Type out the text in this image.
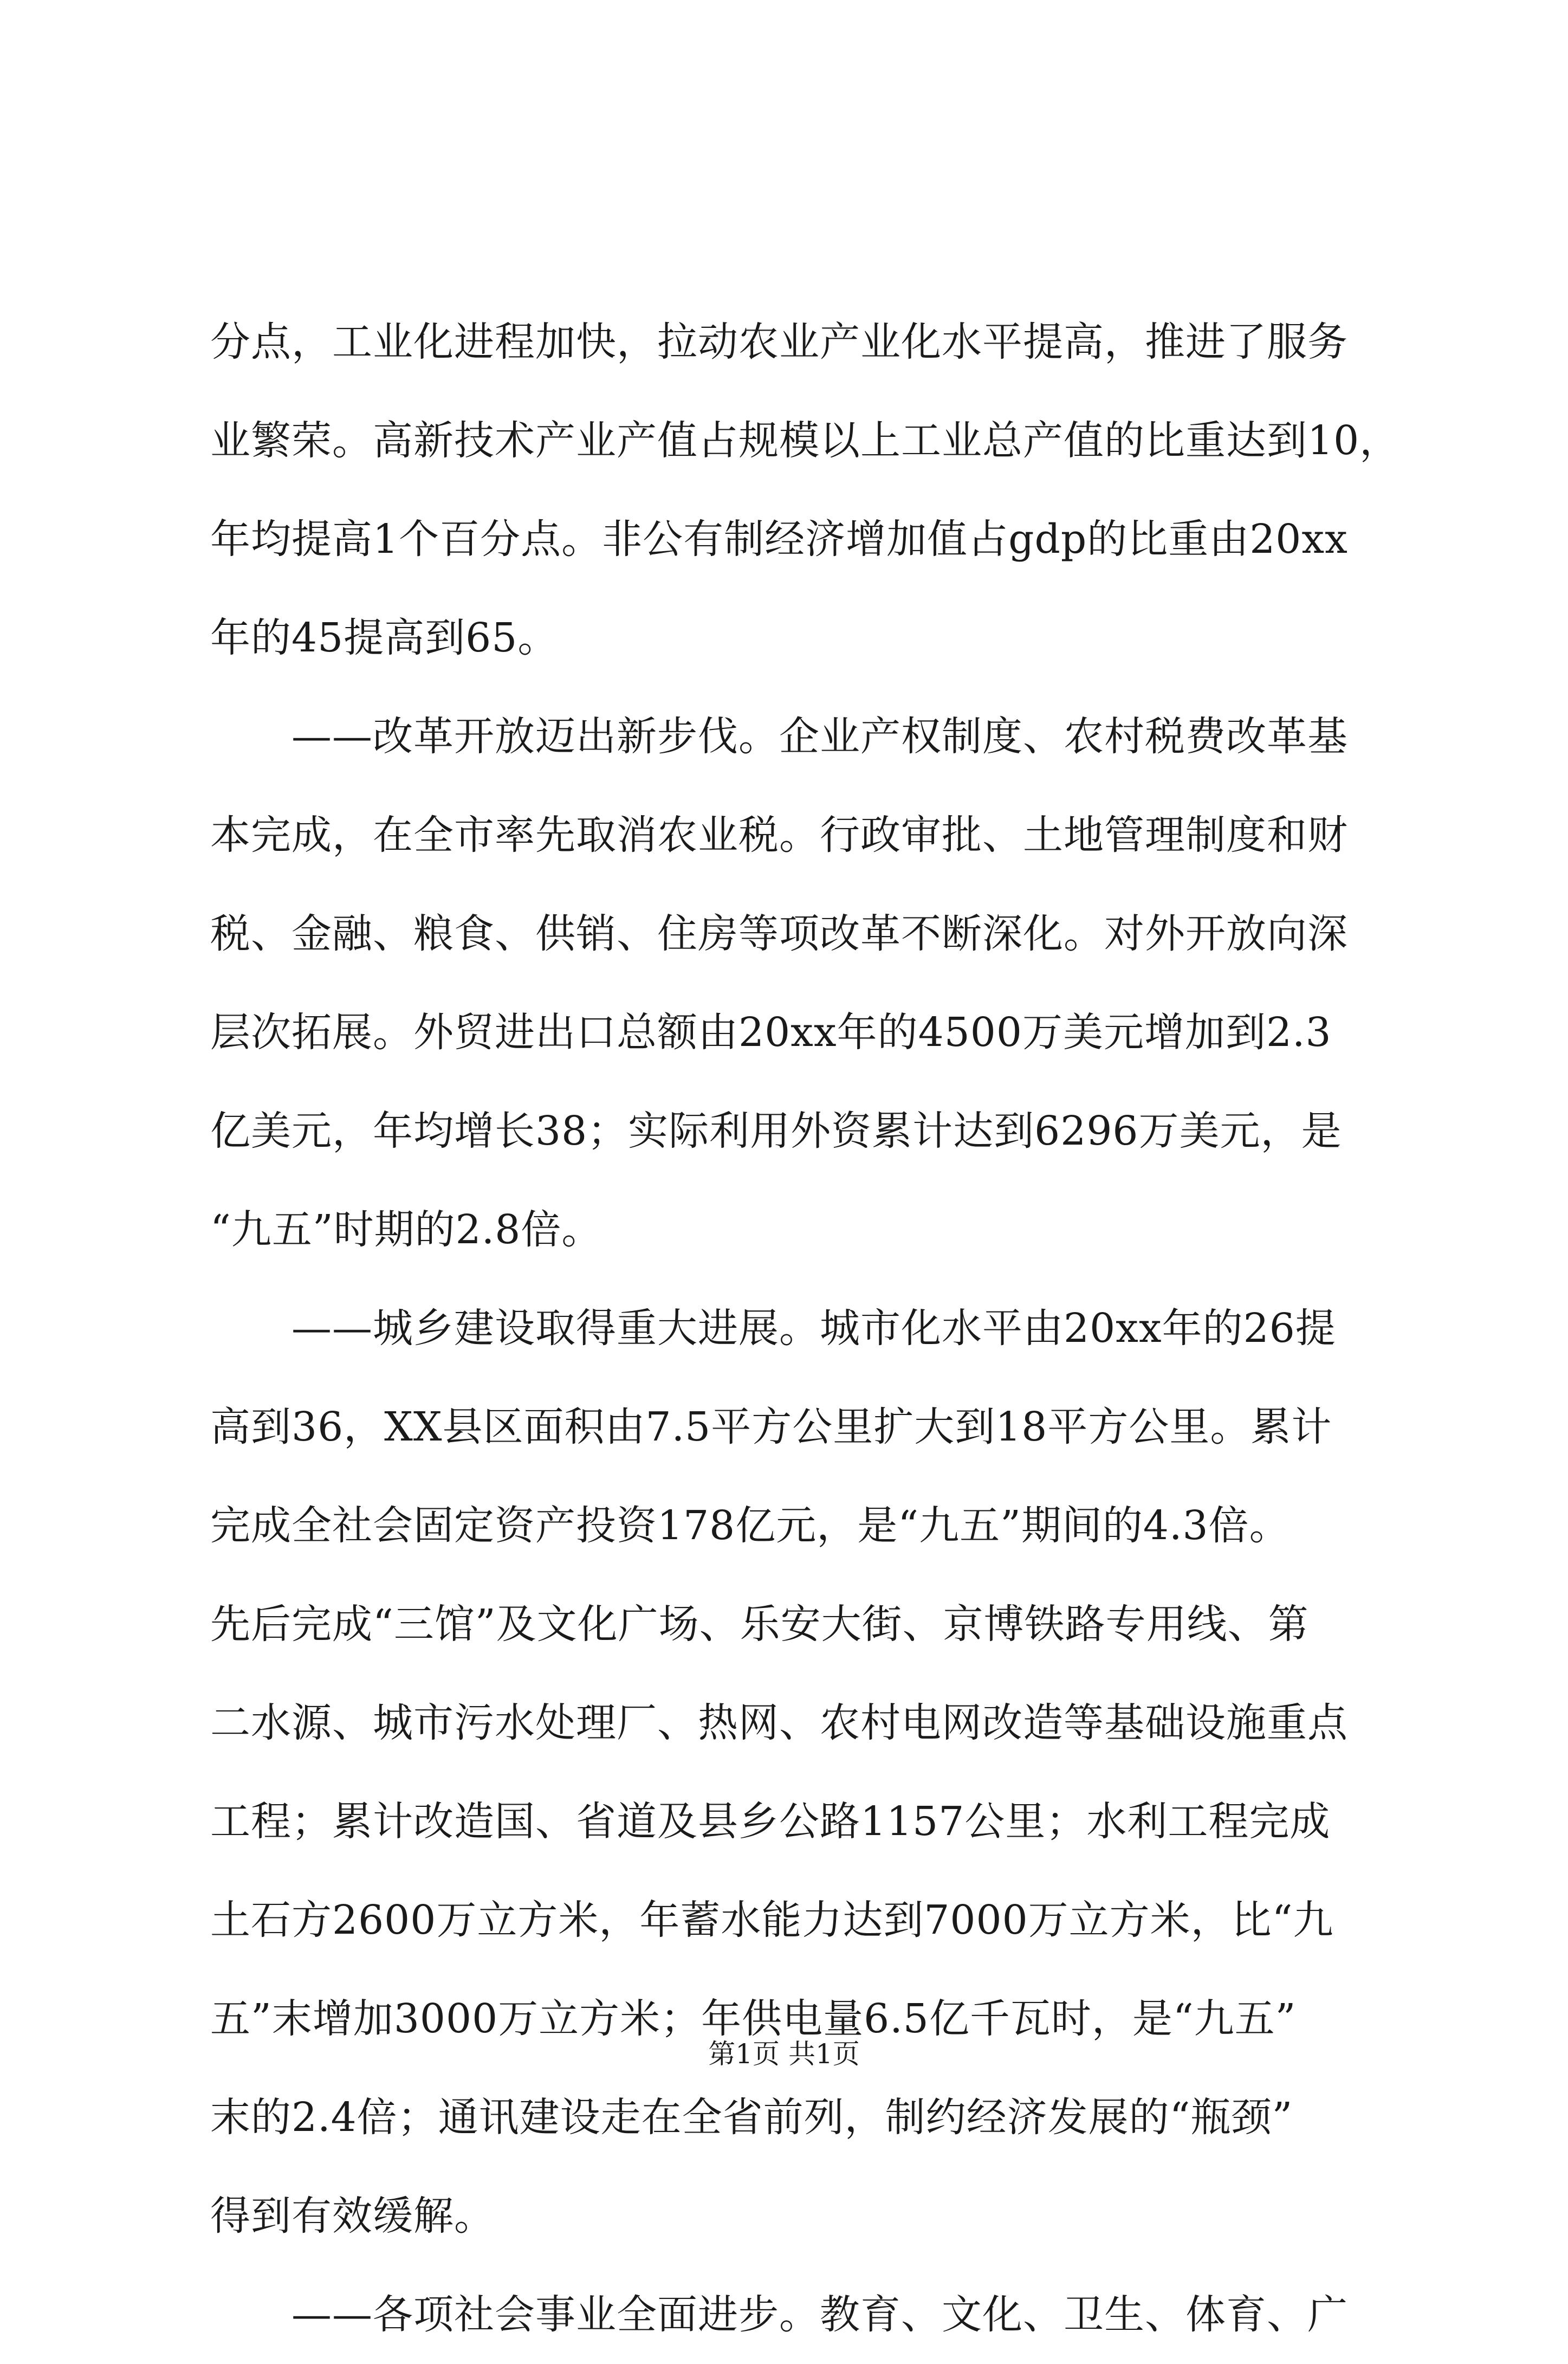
分点，工业化进程加快，拉动农业产业化水平提高，推进了服务
业繁荣。高新技术产业产值占规模以上工业总产值的比重达到10，
年均提高1个百分点。非公有制经济增加值占gdp的比重由20xx
年的45提高到65。
——改革开放迈出新步伐。企业产权制度、农村税费改革基
本完成，在全市率先取消农业税。行政审批、土地管理制度和财
税、金融、粮食、供销、住房等项改革不断深化。对外开放向深
层次拓展。外贸进出口总额由20xx年的4500万美元增加到2.3
亿美元，年均增长38；实际利用外资累计达到6296万美元，是
“九五”时期的2.8倍。
——城乡建设取得重大进展。城市化水平由20xx年的26提
高到36，XX县区面积由7.5平方公里扩大到18平方公里。累计
完成全社会固定资产投资178亿元，是“九五”期间的4.3倍。
先后完成“三馆”及文化广场、乐安大街、京博铁路专用线、第
二水源、城市污水处理厂、热网、农村电网改造等基础设施重点
工程；累计改造国、省道及县乡公路1157公里；水利工程完成
土石方2600万立方米，年蓄水能力达到7000万立方米，比“九
五”末增加3000万立方米；年供电量6.5亿千瓦时，是“九五”
末的2.4倍；通讯建设走在全省前列，制约经济发展的“瓶颈”
得到有效缓解。
——各项社会事业全面进步。教育、文化、卫生、体育、广
第1页 共1页
